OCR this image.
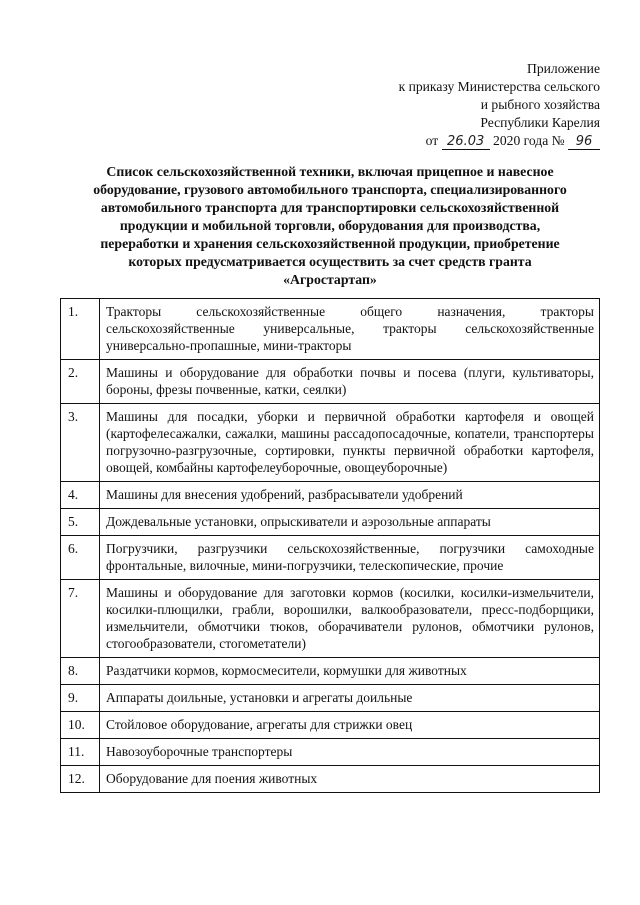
Приложение
к приказу Министерства сельского
и рыбного хозяйства
Республики Карелия
от 26.03 2020 года № 96
Список сельскохозяйственной техники, включая прицепное и навесное
оборудование, грузового автомобильного транспорта, специализированного
автомобильного транспорта для транспортировки сельскохозяйственной
продукции и мобильной торговли, оборудования для производства,
переработки и хранения сельскохозяйственной продукции, приобретение
которых предусматривается осуществить за счет средств гранта
«Агростартап»
1.	Тракторы сельскохозяйственные общего назначения, тракторы сельскохозяйственные универсальные, тракторы сельскохозяйственные универсально-пропашные, мини-тракторы
2.	Машины и оборудование для обработки почвы и посева (плуги, культиваторы, бороны, фрезы почвенные, катки, сеялки)
3.	Машины для посадки, уборки и первичной обработки картофеля и овощей (картофелесажалки, сажалки, машины рассадопосадочные, копатели, транспортеры погрузочно-разгрузочные, сортировки, пункты первичной обработки картофеля, овощей, комбайны картофелеуборочные, овощеуборочные)
4.	Машины для внесения удобрений, разбрасыватели удобрений
5.	Дождевальные установки, опрыскиватели и аэрозольные аппараты
6.	Погрузчики, разгрузчики сельскохозяйственные, погрузчики самоходные фронтальные, вилочные, мини-погрузчики, телескопические, прочие
7.	Машины и оборудование для заготовки кормов (косилки, косилки-измельчители, косилки-плющилки, грабли, ворошилки, валкообразователи, пресс-подборщики, измельчители, обмотчики тюков, оборачиватели рулонов, обмотчики рулонов, стогообразователи, стогометатели)
8.	Раздатчики кормов, кормосмесители, кормушки для животных
9.	Аппараты доильные, установки и агрегаты доильные
10.	Стойловое оборудование, агрегаты для стрижки овец
11.	Навозоуборочные транспортеры
12.	Оборудование для поения животных
